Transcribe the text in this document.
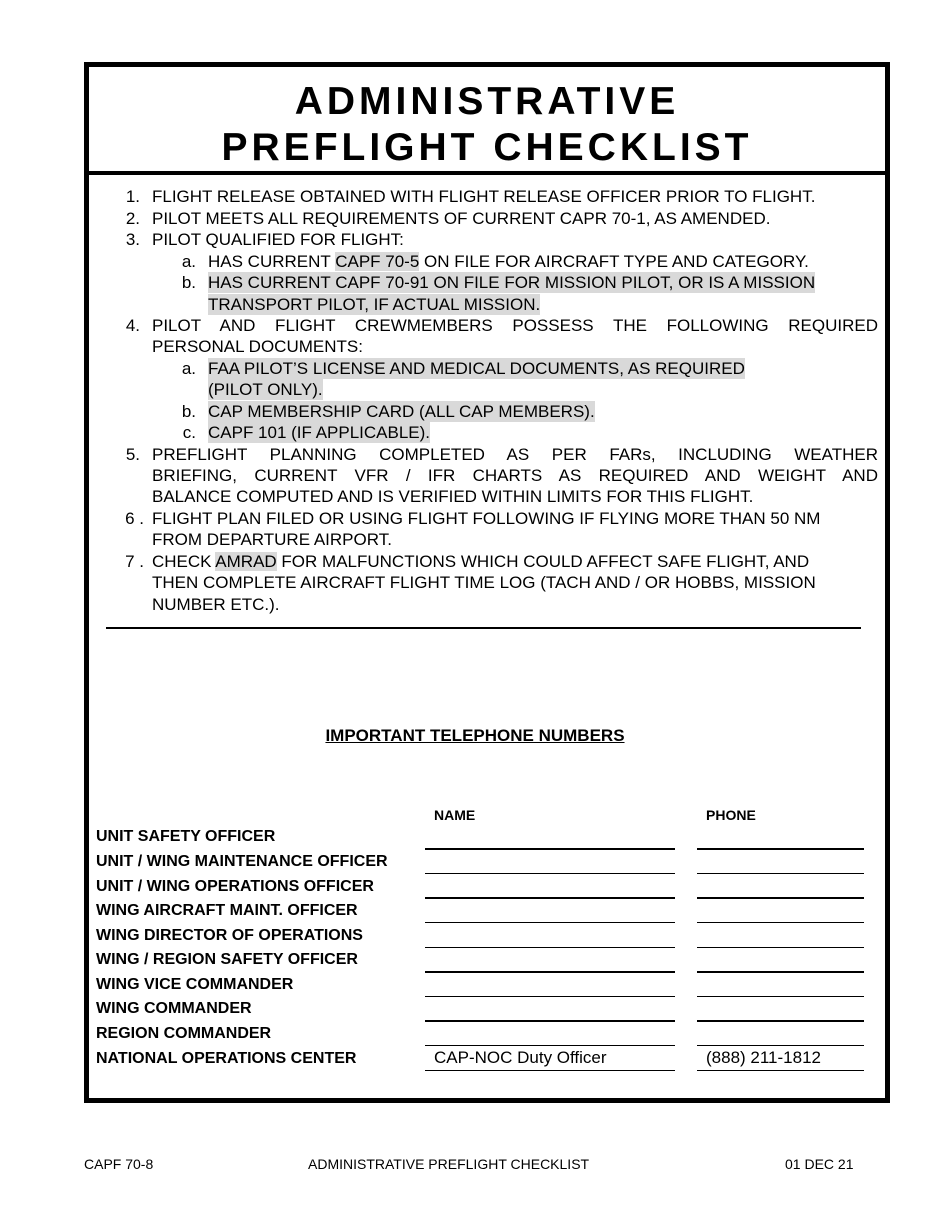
ADMINISTRATIVE
PREFLIGHT CHECKLIST
1. FLIGHT RELEASE OBTAINED WITH FLIGHT RELEASE OFFICER PRIOR TO FLIGHT.
2. PILOT MEETS ALL REQUIREMENTS OF CURRENT CAPR 70-1, AS AMENDED.
3. PILOT QUALIFIED FOR FLIGHT:
a. HAS CURRENT CAPF 70-5 ON FILE FOR AIRCRAFT TYPE AND CATEGORY.
b. HAS CURRENT CAPF 70-91 ON FILE FOR MISSION PILOT, OR IS A MISSION
TRANSPORT PILOT, IF ACTUAL MISSION.
4. PILOT AND FLIGHT CREWMEMBERS POSSESS THE FOLLOWING REQUIRED
PERSONAL DOCUMENTS:
a. FAA PILOT’S LICENSE AND MEDICAL DOCUMENTS, AS REQUIRED
(PILOT ONLY).
b. CAP MEMBERSHIP CARD (ALL CAP MEMBERS).
c. CAPF 101 (IF APPLICABLE).
5. PREFLIGHT PLANNING COMPLETED AS PER FARs, INCLUDING WEATHER
BRIEFING, CURRENT VFR / IFR CHARTS AS REQUIRED AND WEIGHT AND
BALANCE COMPUTED AND IS VERIFIED WITHIN LIMITS FOR THIS FLIGHT.
6 . FLIGHT PLAN FILED OR USING FLIGHT FOLLOWING IF FLYING MORE THAN 50 NM
FROM DEPARTURE AIRPORT.
7 . CHECK AMRAD FOR MALFUNCTIONS WHICH COULD AFFECT SAFE FLIGHT, AND
THEN COMPLETE AIRCRAFT FLIGHT TIME LOG (TACH AND / OR HOBBS, MISSION
NUMBER ETC.).
IMPORTANT TELEPHONE NUMBERS
NAME	PHONE
UNIT SAFETY OFFICER
UNIT / WING MAINTENANCE OFFICER
UNIT / WING OPERATIONS OFFICER
WING AIRCRAFT MAINT. OFFICER
WING DIRECTOR OF OPERATIONS
WING / REGION SAFETY OFFICER
WING VICE COMMANDER
WING COMMANDER
REGION COMMANDER
NATIONAL OPERATIONS CENTER	CAP-NOC Duty Officer	(888) 211-1812
CAPF 70-8	ADMINISTRATIVE PREFLIGHT CHECKLIST	01 DEC 21
